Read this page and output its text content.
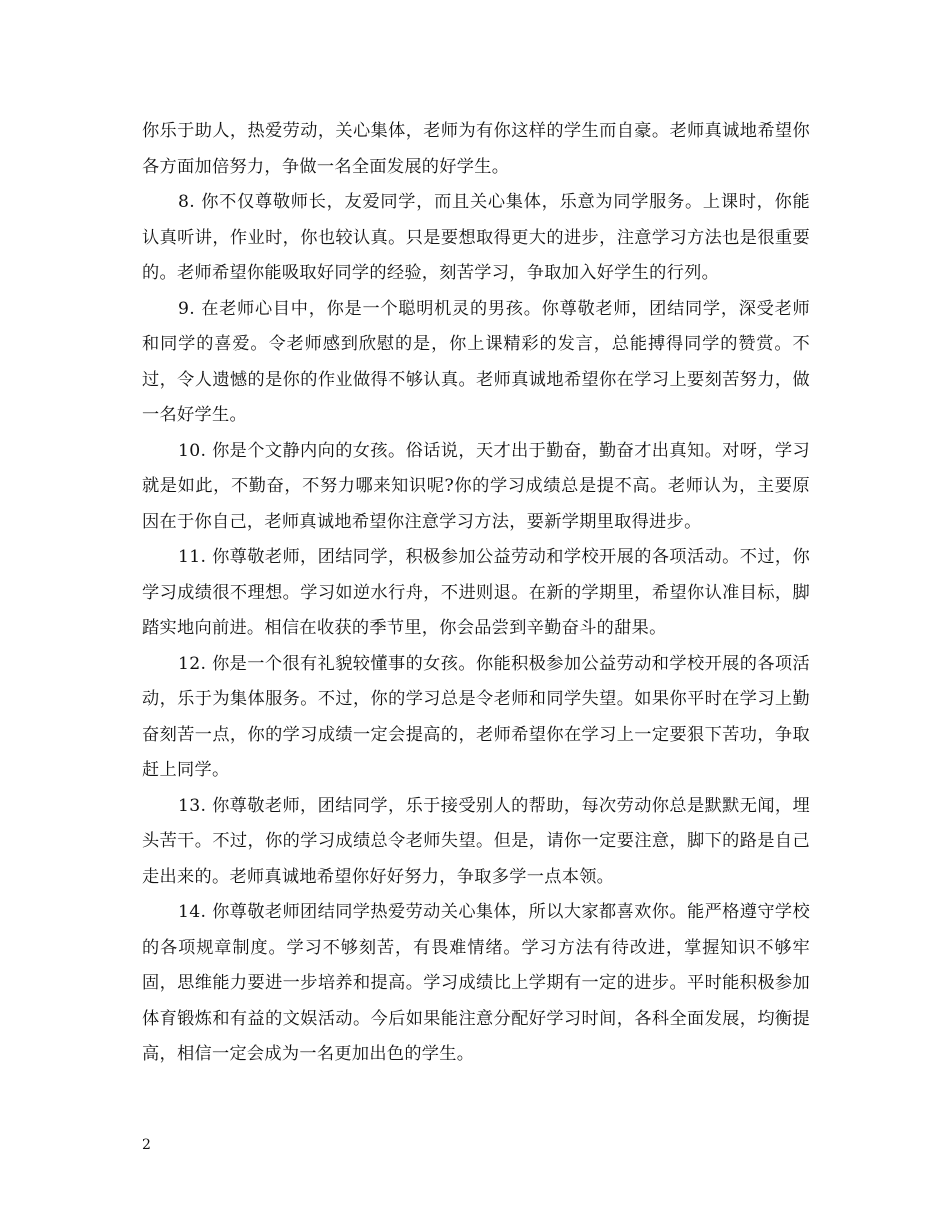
你乐于助人，热爱劳动，关心集体，老师为有你这样的学生而自豪。老师真诚地希望你各方面加倍努力，争做一名全面发展的好学生。

8. 你不仅尊敬师长，友爱同学，而且关心集体，乐意为同学服务。上课时，你能认真听讲，作业时，你也较认真。只是要想取得更大的进步，注意学习方法也是很重要的。老师希望你能吸取好同学的经验，刻苦学习，争取加入好学生的行列。

9. 在老师心目中，你是一个聪明机灵的男孩。你尊敬老师，团结同学，深受老师和同学的喜爱。令老师感到欣慰的是，你上课精彩的发言，总能搏得同学的赞赏。不过，令人遗憾的是你的作业做得不够认真。老师真诚地希望你在学习上要刻苦努力，做一名好学生。

10. 你是个文静内向的女孩。俗话说，天才出于勤奋，勤奋才出真知。对呀，学习就是如此，不勤奋，不努力哪来知识呢?你的学习成绩总是提不高。老师认为，主要原因在于你自己，老师真诚地希望你注意学习方法，要新学期里取得进步。

11. 你尊敬老师，团结同学，积极参加公益劳动和学校开展的各项活动。不过，你学习成绩很不理想。学习如逆水行舟，不进则退。在新的学期里，希望你认准目标，脚踏实地向前进。相信在收获的季节里，你会品尝到辛勤奋斗的甜果。

12. 你是一个很有礼貌较懂事的女孩。你能积极参加公益劳动和学校开展的各项活动，乐于为集体服务。不过，你的学习总是令老师和同学失望。如果你平时在学习上勤奋刻苦一点，你的学习成绩一定会提高的，老师希望你在学习上一定要狠下苦功，争取赶上同学。

13. 你尊敬老师，团结同学，乐于接受别人的帮助，每次劳动你总是默默无闻，埋头苦干。不过，你的学习成绩总令老师失望。但是，请你一定要注意，脚下的路是自己走出来的。老师真诚地希望你好好努力，争取多学一点本领。

14. 你尊敬老师团结同学热爱劳动关心集体，所以大家都喜欢你。能严格遵守学校的各项规章制度。学习不够刻苦，有畏难情绪。学习方法有待改进，掌握知识不够牢固，思维能力要进一步培养和提高。学习成绩比上学期有一定的进步。平时能积极参加体育锻炼和有益的文娱活动。今后如果能注意分配好学习时间，各科全面发展，均衡提高，相信一定会成为一名更加出色的学生。

2
